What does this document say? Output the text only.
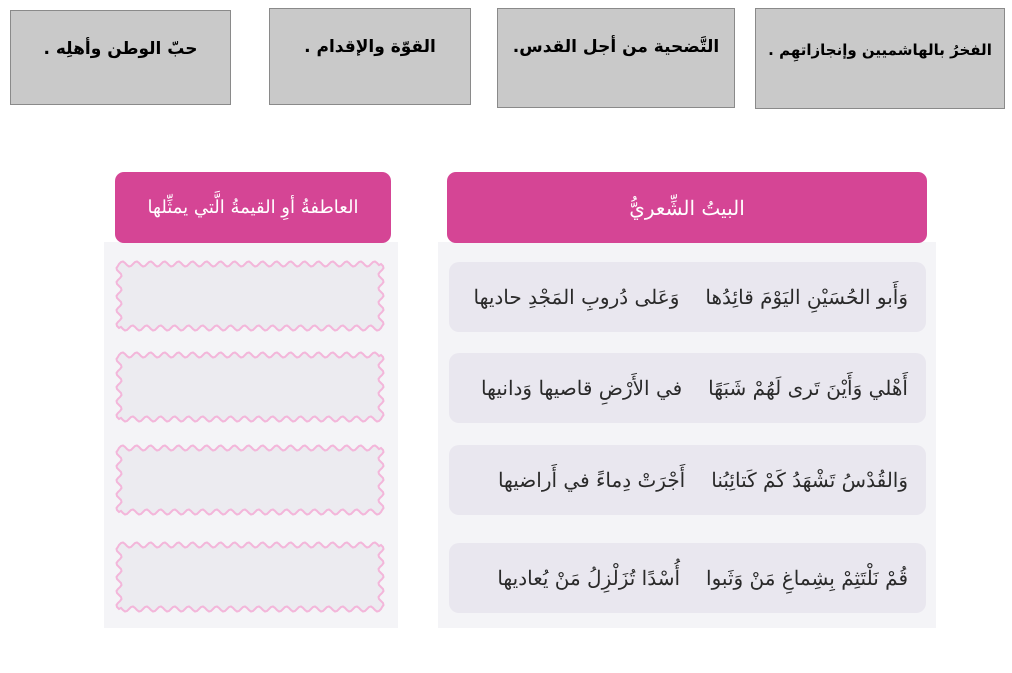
الفخرُ بالهاشميين وإنجازاتهِم .
التَّضحية من أجل القدس.
القوّة والإقدام .
حبّ الوطن وأهلِه .
البيتُ الشِّعريُّ
العاطفةُ أوِ القيمةُ الَّتي يمثِّلها
وَأَبو الحُسَيْنِ اليَوْمَ قائِدُها
وَعَلى دُروبِ المَجْدِ حاديها
أَهْلي وَأَيْنَ تَرى لَهُمْ شَبَهًا
في الأَرْضِ قاصيها وَدانيها
وَالقُدْسُ تَشْهَدُ كَمْ كَتائِبُنا
أَجْرَتْ دِماءً في أَراضيها
قُمْ نَلْتَثِمْ بِشِماغِ مَنْ وَثَبوا
أُسْدًا تُزَلْزِلُ مَنْ يُعاديها
